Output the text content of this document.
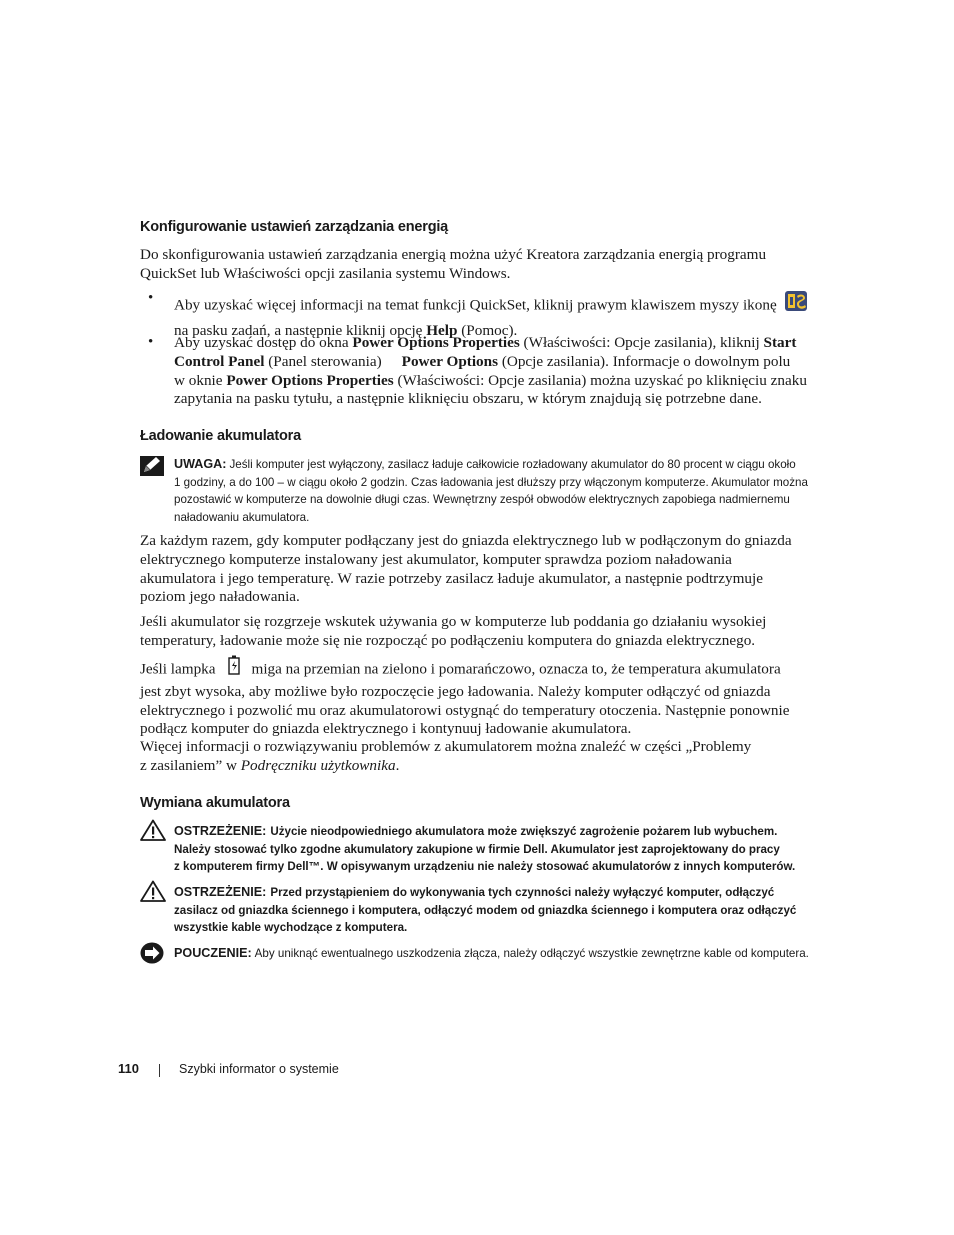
Konfigurowanie ustawień zarządzania energią

Do skonfigurowania ustawień zarządzania energią można użyć Kreatora zarządzania energią programu
QuickSet lub Właściwości opcji zasilania systemu Windows.

• Aby uzyskać więcej informacji na temat funkcji QuickSet, kliknij prawym klawiszem myszy ikonę
na pasku zadań, a następnie kliknij opcję Help (Pomoc).

• Aby uzyskać dostęp do okna Power Options Properties (Właściwości: Opcje zasilania), kliknij Start
Control Panel (Panel sterowania) Power Options (Opcje zasilania). Informacje o dowolnym polu
w oknie Power Options Properties (Właściwości: Opcje zasilania) można uzyskać po kliknięciu znaku
zapytania na pasku tytułu, a następnie kliknięciu obszaru, w którym znajdują się potrzebne dane.

Ładowanie akumulatora

UWAGA: Jeśli komputer jest wyłączony, zasilacz ładuje całkowicie rozładowany akumulator do 80 procent w ciągu około
1 godziny, a do 100 – w ciągu około 2 godzin. Czas ładowania jest dłuższy przy włączonym komputerze. Akumulator można
pozostawić w komputerze na dowolnie długi czas. Wewnętrzny zespół obwodów elektrycznych zapobiega nadmiernemu
naładowaniu akumulatora.

Za każdym razem, gdy komputer podłączany jest do gniazda elektrycznego lub w podłączonym do gniazda
elektrycznego komputerze instalowany jest akumulator, komputer sprawdza poziom naładowania
akumulatora i jego temperaturę. W razie potrzeby zasilacz ładuje akumulator, a następnie podtrzymuje
poziom jego naładowania.

Jeśli akumulator się rozgrzeje wskutek używania go w komputerze lub poddania go działaniu wysokiej
temperatury, ładowanie może się nie rozpocząć po podłączeniu komputera do gniazda elektrycznego.

Jeśli lampka miga na przemian na zielono i pomarańczowo, oznacza to, że temperatura akumulatora
jest zbyt wysoka, aby możliwe było rozpoczęcie jego ładowania. Należy komputer odłączyć od gniazda
elektrycznego i pozwolić mu oraz akumulatorowi ostygnąć do temperatury otoczenia. Następnie ponownie
podłącz komputer do gniazda elektrycznego i kontynuuj ładowanie akumulatora.

Więcej informacji o rozwiązywaniu problemów z akumulatorem można znaleźć w części „Problemy
z zasilaniem” w Podręczniku użytkownika.

Wymiana akumulatora

OSTRZEŻENIE: Użycie nieodpowiedniego akumulatora może zwiększyć zagrożenie pożarem lub wybuchem.
Należy stosować tylko zgodne akumulatory zakupione w firmie Dell. Akumulator jest zaprojektowany do pracy
z komputerem firmy Dell™. W opisywanym urządzeniu nie należy stosować akumulatorów z innych komputerów.

OSTRZEŻENIE: Przed przystąpieniem do wykonywania tych czynności należy wyłączyć komputer, odłączyć
zasilacz od gniazdka ściennego i komputera, odłączyć modem od gniazdka ściennego i komputera oraz odłączyć
wszystkie kable wychodzące z komputera.

POUCZENIE: Aby uniknąć ewentualnego uszkodzenia złącza, należy odłączyć wszystkie zewnętrzne kable od komputera.

110	Szybki informator o systemie
